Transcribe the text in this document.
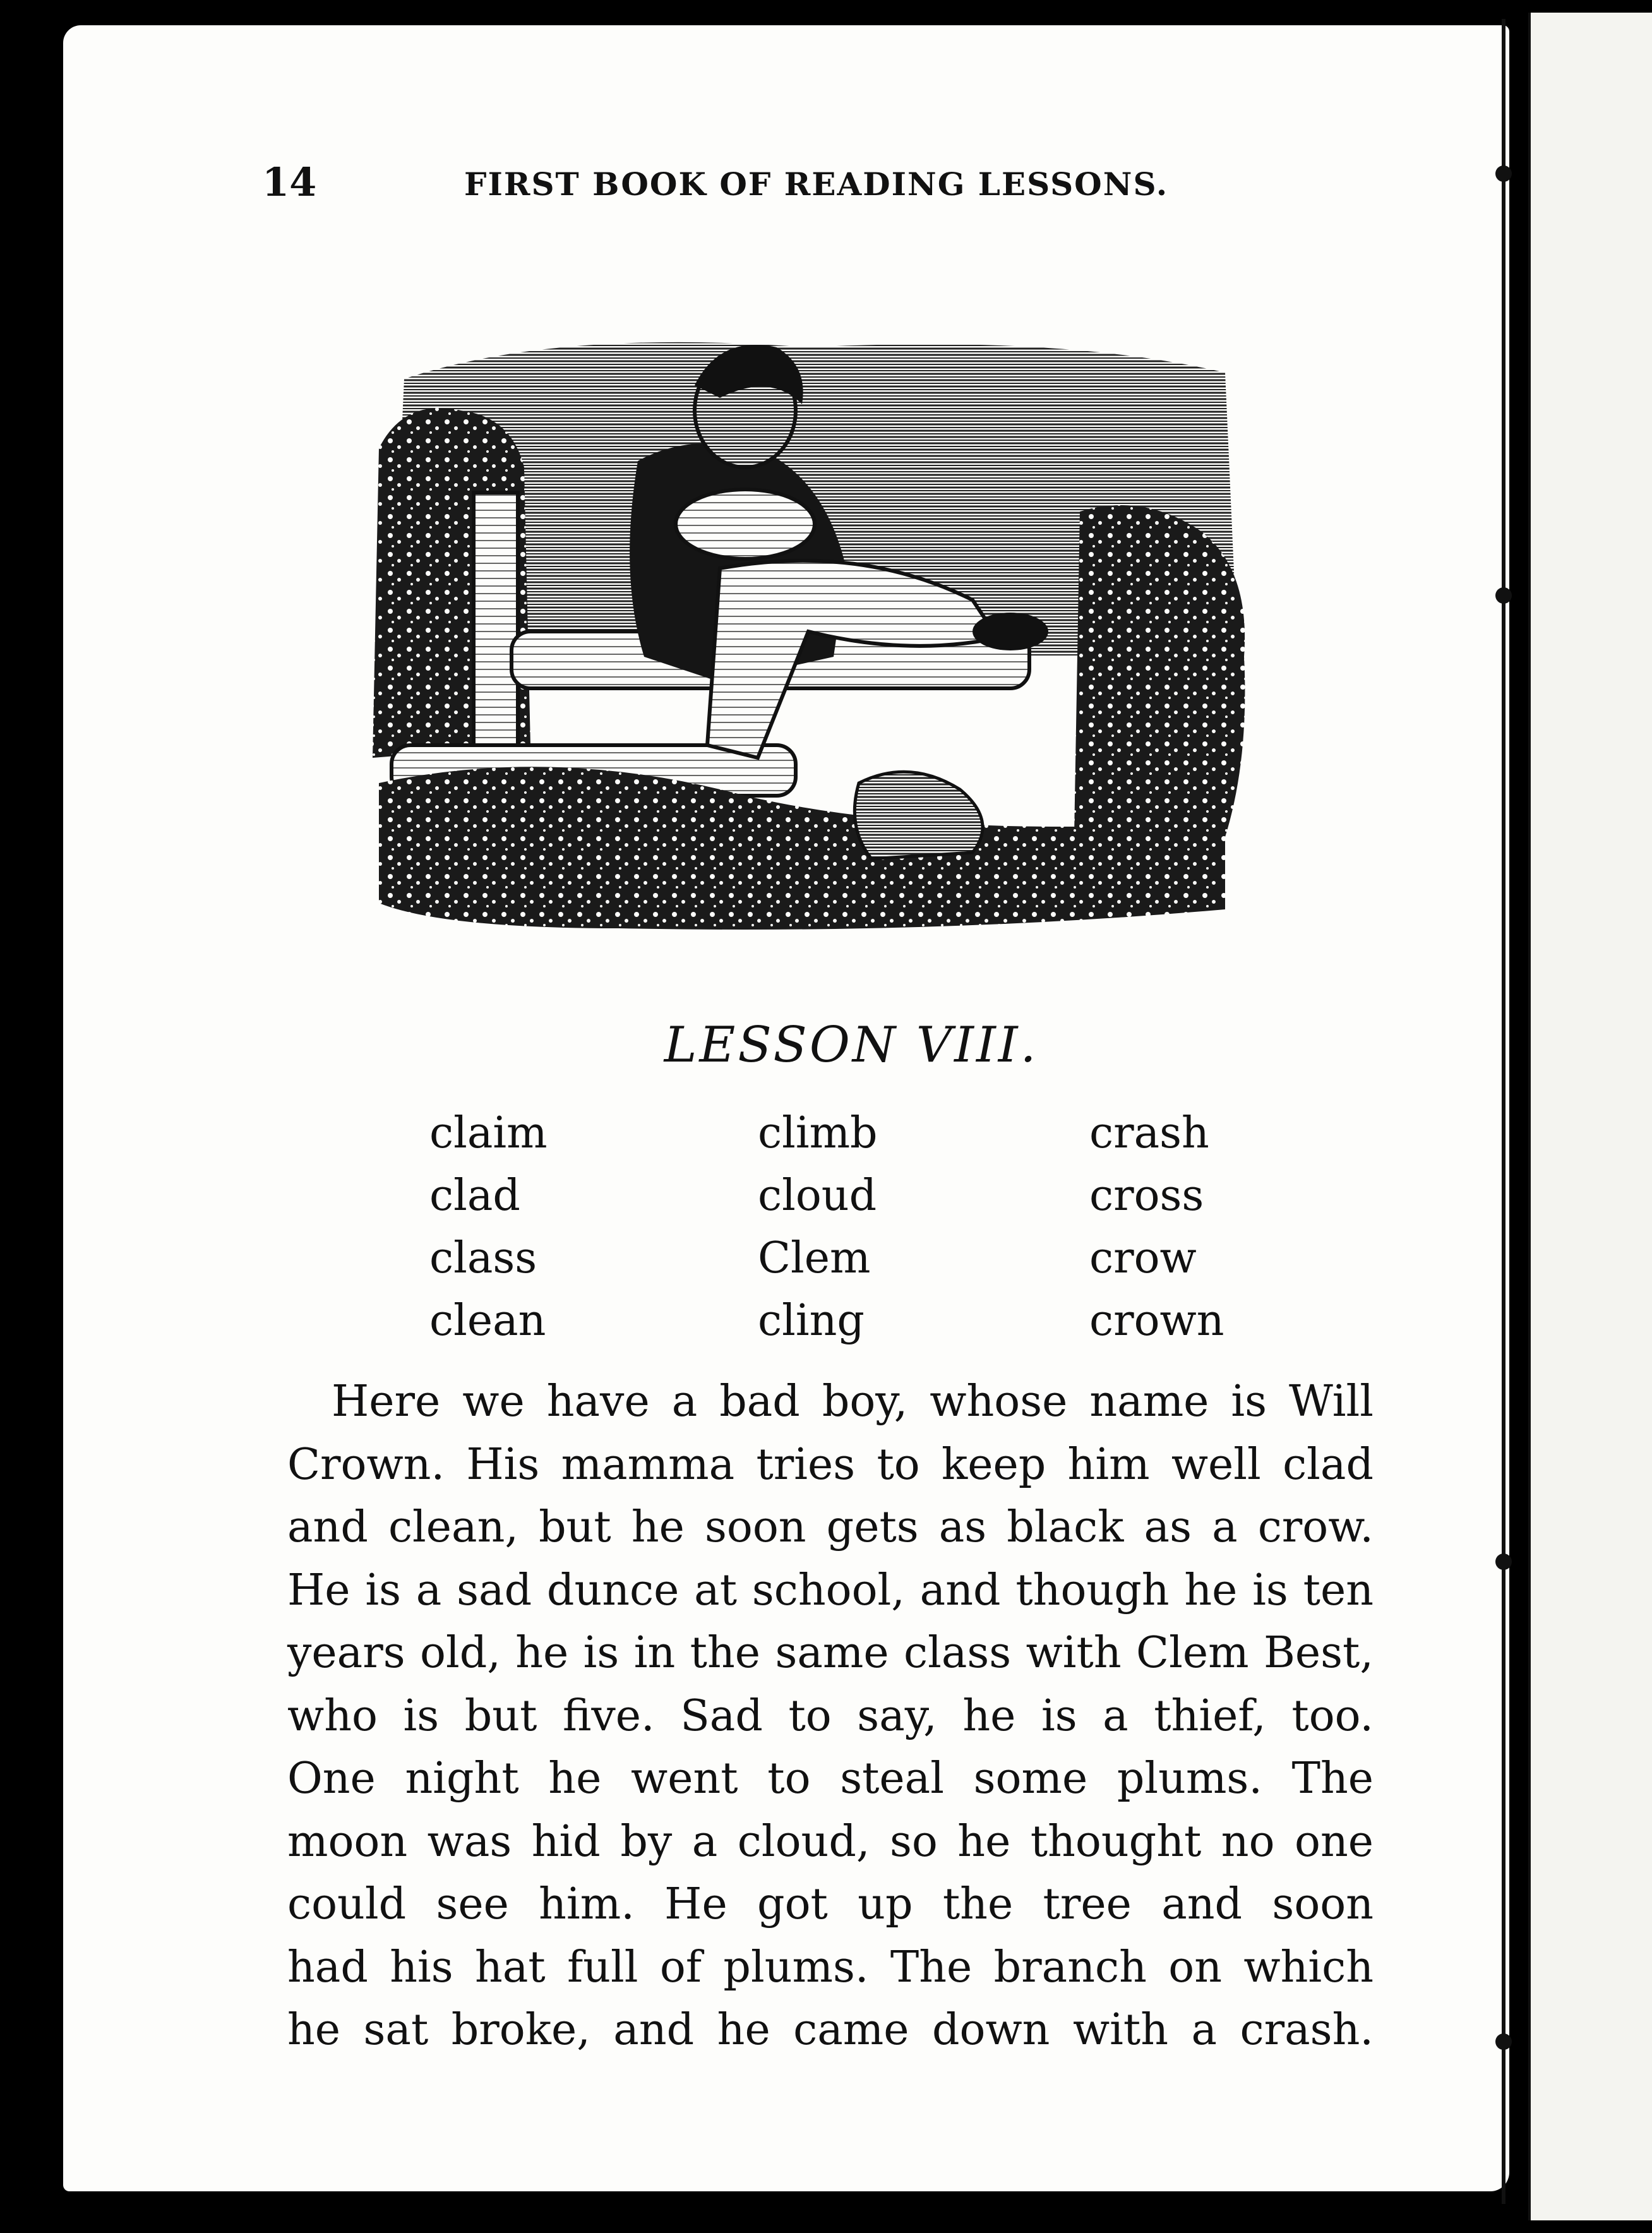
14	FIRST BOOK OF READING LESSONS.
LESSON VIII.
claim
clad
class
clean
climb
cloud
Clem
cling
crash
cross
crow
crown
Here we have a bad boy, whose name is Will
Crown. His mamma tries to keep him well clad
and clean, but he soon gets as black as a crow.
He is a sad dunce at school, and though he is ten
years old, he is in the same class with Clem Best,
who is but five. Sad to say, he is a thief, too.
One night he went to steal some plums. The
moon was hid by a cloud, so he thought no one
could see him. He got up the tree and soon
had his hat full of plums. The branch on which
he sat broke, and he came down with a crash.
